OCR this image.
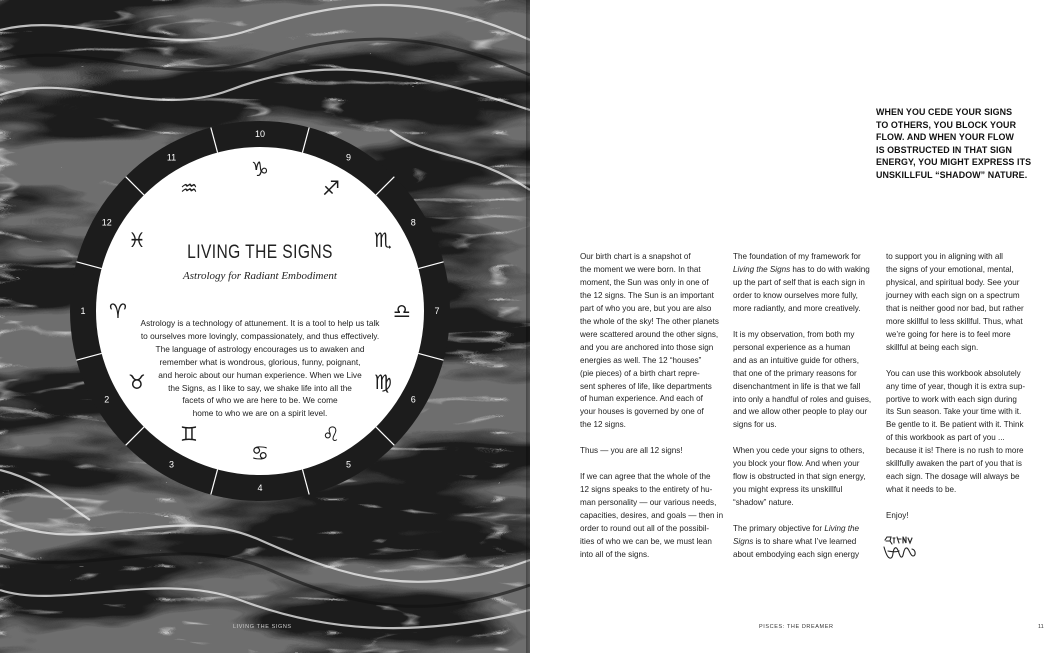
1
2
3
4
5
6
7
8
9
10
11
12
♈
♉
♊
♋
♌
♍
♎
♏
♐
♑
♒
♓
LIVING THE SIGNS
Astrology for Radiant Embodiment
Astrology is a technology of attunement. It is a tool to help us talk
to ourselves more lovingly, compassionately, and thus effectively.
The language of astrology encourages us to awaken and
remember what is wondrous, glorious, funny, poignant,
and heroic about our human experience. When we Live
the Signs, as I like to say, we shake life into all the
facets of who we are here to be. We come
home to who we are on a spirit level.
LIVING THE SIGNS
WHEN YOU CEDE YOUR SIGNS
TO OTHERS, YOU BLOCK YOUR
FLOW. AND WHEN YOUR FLOW
IS OBSTRUCTED IN THAT SIGN
ENERGY, YOU MIGHT EXPRESS ITS
UNSKILLFUL “SHADOW” NATURE.

Our birth chart is a snapshot of
the moment we were born. In that
moment, the Sun was only in one of
the 12 signs. The Sun is an important
part of who you are, but you are also
the whole of the sky! The other planets
were scattered around the other signs,
and you are anchored into those sign
energies as well. The 12 “houses”
(pie pieces) of a birth chart repre-
sent spheres of life, like departments
of human experience. And each of
your houses is governed by one of
the 12 signs.

Thus — you are all 12 signs!

If we can agree that the whole of the
12 signs speaks to the entirety of hu-
man personality — our various needs,
capacities, desires, and goals — then in
order to round out all of the possibil-
ities of who we can be, we must lean
into all of the signs.

The foundation of my framework for
Living the Signs has to do with waking
up the part of self that is each sign in
order to know ourselves more fully,
more radiantly, and more creatively.

It is my observation, from both my
personal experience as a human
and as an intuitive guide for others,
that one of the primary reasons for
disenchantment in life is that we fall
into only a handful of roles and guises,
and we allow other people to play our
signs for us.

When you cede your signs to others,
you block your flow. And when your
flow is obstructed in that sign energy,
you might express its unskillful
“shadow” nature.

The primary objective for Living the
Signs is to share what I’ve learned
about embodying each sign energy

to support you in aligning with all
the signs of your emotional, mental,
physical, and spiritual body. See your
journey with each sign on a spectrum
that is neither good nor bad, but rather
more skillful to less skillful. Thus, what
we’re going for here is to feel more
skillful at being each sign.

You can use this workbook absolutely
any time of year, though it is extra sup-
portive to work with each sign during
its Sun season. Take your time with it.
Be gentle to it. Be patient with it. Think
of this workbook as part of you ...
because it is! There is no rush to more
skillfully awaken the part of you that is
each sign. The dosage will always be
what it needs to be.

Enjoy!

PISCES: THE DREAMER	11
